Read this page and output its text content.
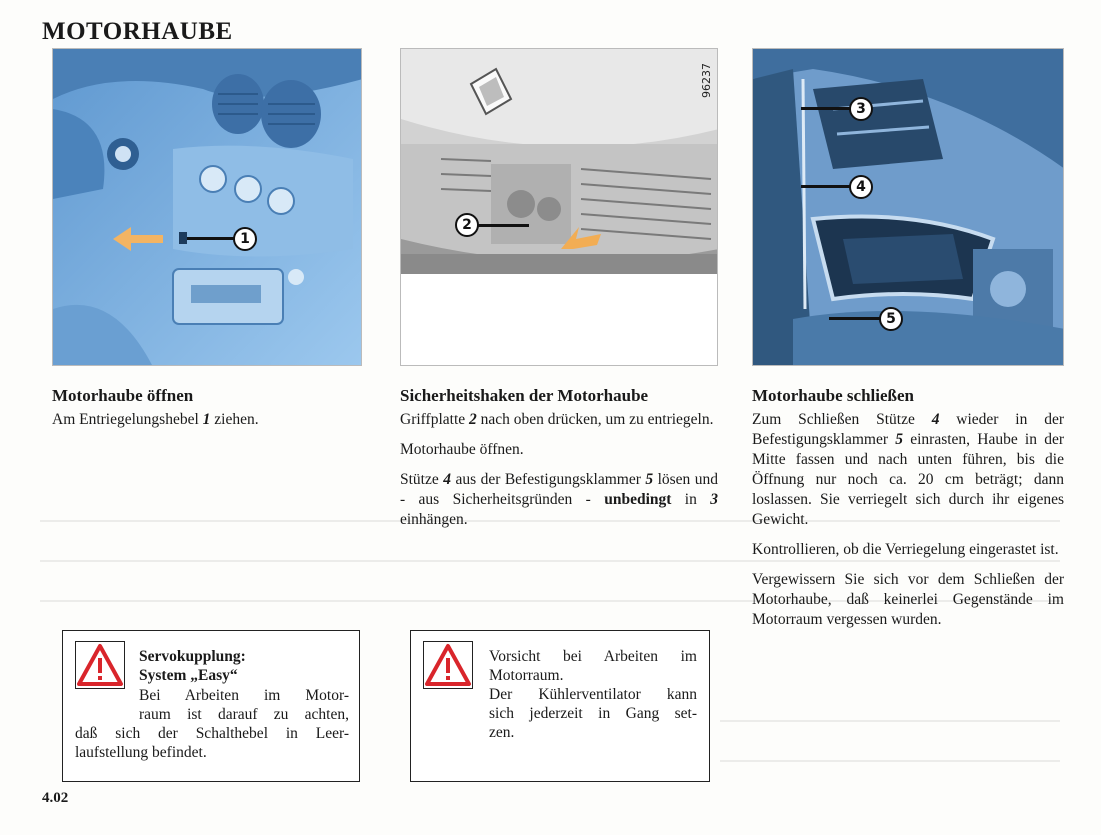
MOTORHAUBE
1
Motorhaube öffnen

Am Entriegelungshebel 1 ziehen.

96237
2
Sicherheitshaken der Motorhaube

Griffplatte 2 nach oben drücken, um zu entriegeln.

Motorhaube öffnen.

Stütze 4 aus der Befestigungsklammer 5 lösen und - aus Sicherheitsgründen - unbedingt in 3 einhängen.

3
4
5
Motorhaube schließen

Zum Schließen Stütze 4 wieder in der Befestigungsklammer 5 einrasten, Haube in der Mitte fassen und nach unten führen, bis die Öffnung nur noch ca. 20 cm beträgt; dann loslassen. Sie verriegelt sich durch ihr eigenes Gewicht.

Kontrollieren, ob die Verriegelung eingerastet ist.

Vergewissern Sie sich vor dem Schließen der Motorhaube, daß keinerlei Gegenstände im Motorraum vergessen wurden.

Servokupplung:
System „Easy“
Bei Arbeiten im Motor-
raum ist darauf zu achten,
daß sich der Schalthebel in Leer-
laufstellung befindet.
Vorsicht bei Arbeiten im
Motorraum.
Der Kühlerventilator kann
sich jederzeit in Gang set-
zen.
4.02
